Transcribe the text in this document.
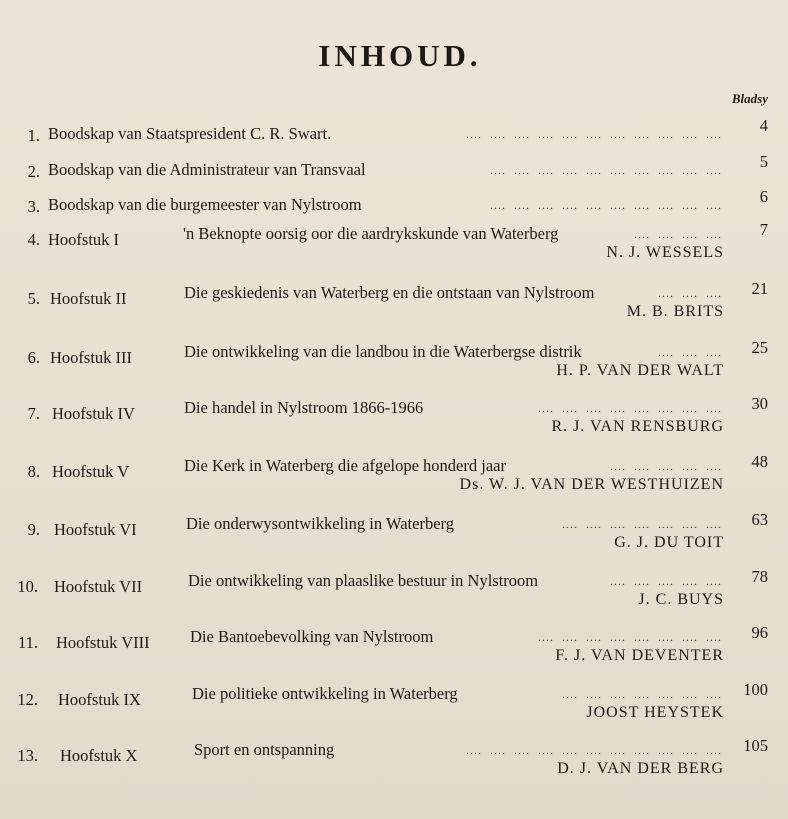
INHOUD.
Bladsy
1. Boodskap van Staatspresident C. R. Swart.	4
....  ....  ....  ....  ....  ....  ....  ....  ....  ....  ....
2. Boodskap van die Administrateur van Transvaal	5
....  ....  ....  ....  ....  ....  ....  ....  ....  ....
3. Boodskap van die burgemeester van Nylstroom	6
....  ....  ....  ....  ....  ....  ....  ....  ....  ....
4. Hoofstuk I	'n Beknopte oorsig oor die aardrykskunde van Waterberg	7
N. J. WESSELS
....  ....  ....  ....
5. Hoofstuk II	Die geskiedenis van Waterberg en die ontstaan van Nylstroom	21
M. B. BRITS
....  ....  ....
6. Hoofstuk III	Die ontwikkeling van die landbou in die Waterbergse distrik	25
H. P. VAN DER WALT
....  ....  ....
7. Hoofstuk IV	Die handel in Nylstroom 1866-1966	30
R. J. VAN RENSBURG
....  ....  ....  ....  ....  ....  ....  ....
8. Hoofstuk V	Die Kerk in Waterberg die afgelope honderd jaar	48
Ds. W. J. VAN DER WESTHUIZEN
....  ....  ....  ....  ....
9. Hoofstuk VI	Die onderwysontwikkeling in Waterberg	63
G. J. DU TOIT
....  ....  ....  ....  ....  ....  ....
10. Hoofstuk VII	Die ontwikkeling van plaaslike bestuur in Nylstroom	78
J. C. BUYS
....  ....  ....  ....  ....
11. Hoofstuk VIII Die Bantoebevolking van Nylstroom	96
F. J. VAN DEVENTER
....  ....  ....  ....  ....  ....  ....  ....
12. Hoofstuk IX	Die politieke ontwikkeling in Waterberg	100
JOOST HEYSTEK
....  ....  ....  ....  ....  ....  ....
13. Hoofstuk X	Sport en ontspanning	105
D. J. VAN DER BERG
....  ....  ....  ....  ....  ....  ....  ....  ....  ....  ....
